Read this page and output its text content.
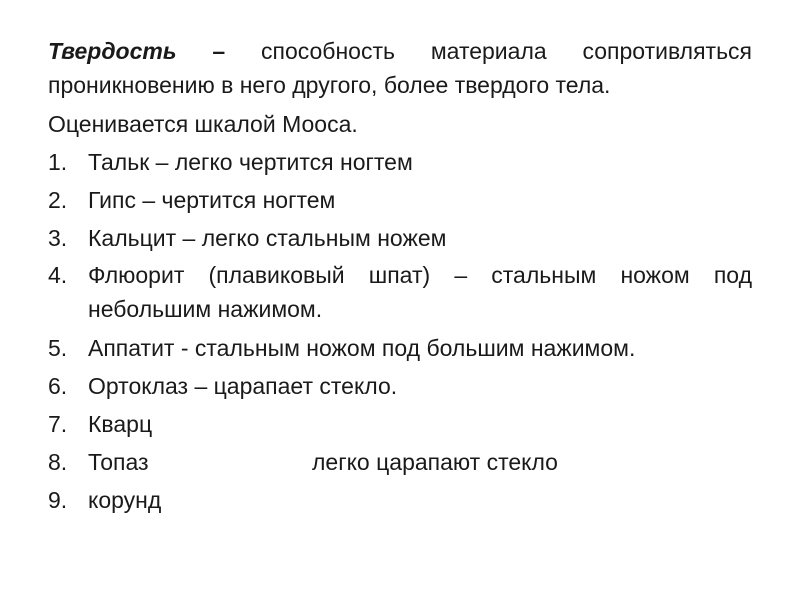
Твердость – способность материала сопротивляться проникновению в него другого, более твердого тела.

Оценивается шкалой Мооса.

1. Тальк – легко чертится ногтем
2. Гипс – чертится ногтем
3. Кальцит – легко стальным ножем
4. Флюорит (плавиковый шпат) – стальным ножом под небольшим нажимом.
5. Аппатит - стальным ножом под большим нажимом.
6. Ортоклаз – царапает стекло.
7. Кварц
8. Топаз	легко царапают стекло
9. корунд
